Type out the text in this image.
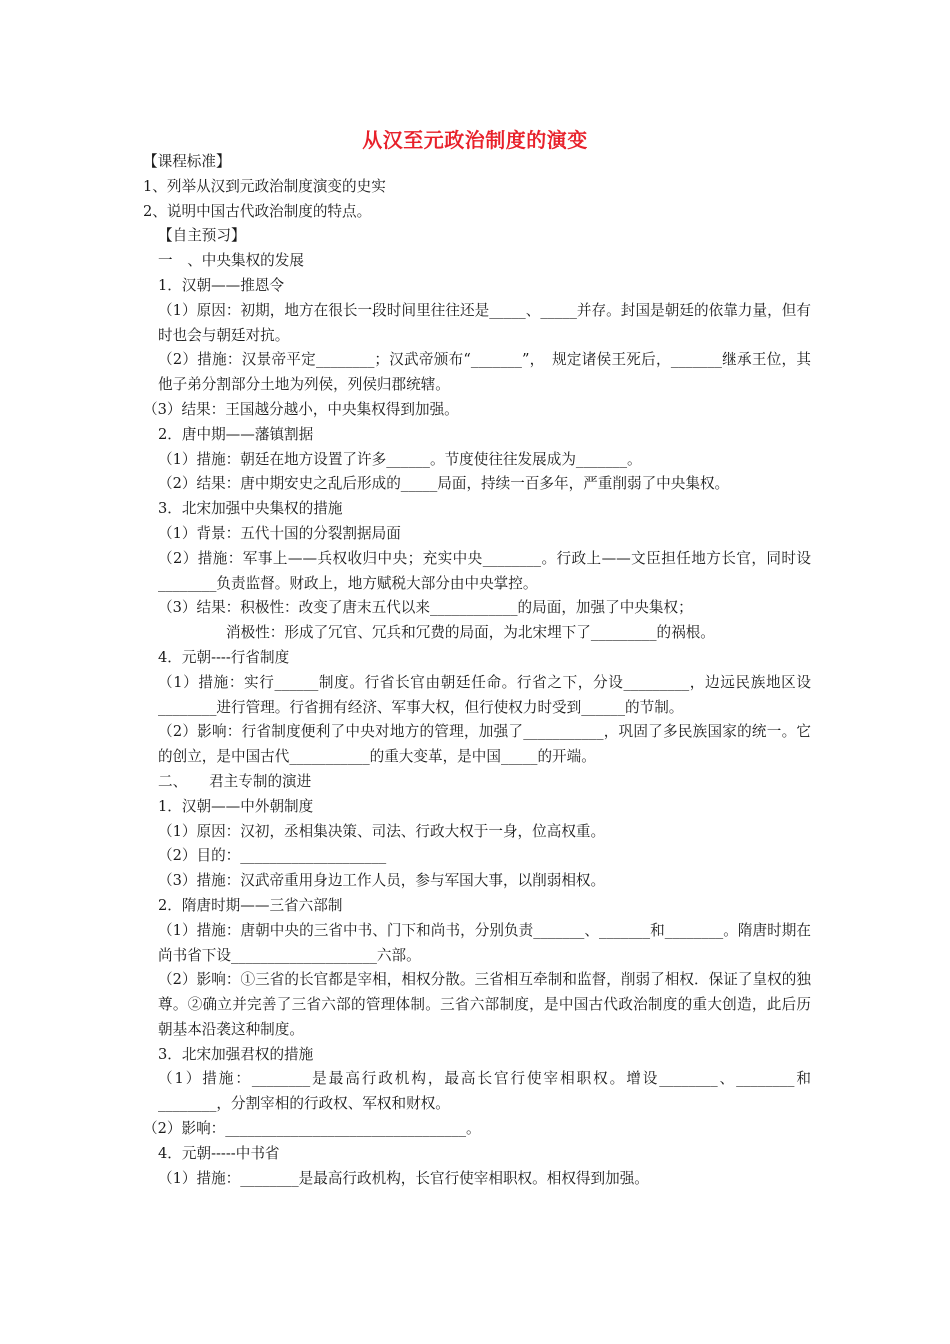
从汉至元政治制度的演变

【课程标准】

1、列举从汉到元政治制度演变的史实

2、说明中国古代政治制度的特点。

【自主预习】

一　、中央集权的发展

1．汉朝——推恩令

（1）原因：初期，地方在很长一段时间里往往还是_____、_____并存。封国是朝廷的依靠力量，但有时也会与朝廷对抗。

（2）措施：汉景帝平定________；汉武帝颁布“_______”，　规定诸侯王死后，_______继承王位，其他子弟分割部分土地为列侯，列侯归郡统辖。

（3）结果：王国越分越小，中央集权得到加强。

2．唐中期——藩镇割据

（1）措施：朝廷在地方设置了许多______。节度使往往发展成为_______。

（2）结果：唐中期安史之乱后形成的_____局面，持续一百多年，严重削弱了中央集权。

3．北宋加强中央集权的措施

（1）背景：五代十国的分裂割据局面

（2）措施：军事上——兵权收归中央；充实中央________。行政上——文臣担任地方长官，同时设________负责监督。财政上，地方赋税大部分由中央掌控。

（3）结果：积极性：改变了唐末五代以来____________的局面，加强了中央集权；

消极性：形成了冗官、冗兵和冗费的局面，为北宋埋下了_________的祸根。

4．元朝----行省制度

（1）措施：实行______制度。行省长官由朝廷任命。行省之下，分设_________，边远民族地区设________进行管理。行省拥有经济、军事大权，但行使权力时受到______的节制。

（2）影响：行省制度便利了中央对地方的管理，加强了___________，巩固了多民族国家的统一。它的创立，是中国古代___________的重大变革，是中国_____的开端。

二、　　君主专制的演进

1．汉朝——中外朝制度

（1）原因：汉初，丞相集决策、司法、行政大权于一身，位高权重。

（2）目的：____________________

（3）措施：汉武帝重用身边工作人员，参与军国大事，以削弱相权。

2．隋唐时期——三省六部制

（1）措施：唐朝中央的三省中书、门下和尚书，分别负责_______、_______和________。隋唐时期在尚书省下设____________________六部。

（2）影响：①三省的长官都是宰相，相权分散。三省相互牵制和监督，削弱了相权．保证了皇权的独尊。②确立并完善了三省六部的管理体制。三省六部制度，是中国古代政治制度的重大创造，此后历朝基本沿袭这种制度。

3．北宋加强君权的措施

（1）措施：________是最高行政机构，最高长官行使宰相职权。增设________、________和________，分割宰相的行政权、军权和财权。

（2）影响：_________________________________。

4．元朝-----中书省

（1）措施：________是最高行政机构，长官行使宰相职权。相权得到加强。
